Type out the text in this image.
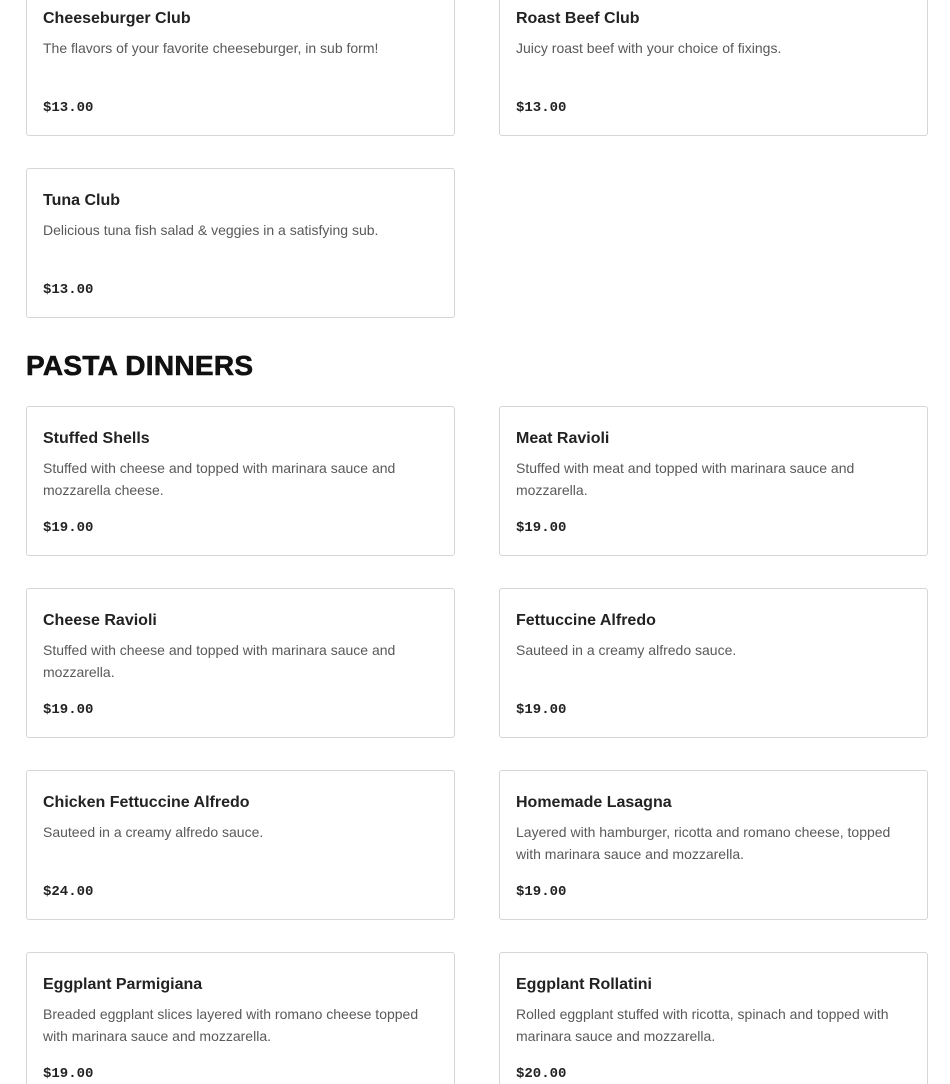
Cheeseburger Club
The flavors of your favorite cheeseburger, in sub form!
$13.00
Roast Beef Club
Juicy roast beef with your choice of fixings.
$13.00
Tuna Club
Delicious tuna fish salad & veggies in a satisfying sub.
$13.00
PASTA DINNERS
Stuffed Shells
Stuffed with cheese and topped with marinara sauce and mozzarella cheese.
$19.00
Meat Ravioli
Stuffed with meat and topped with marinara sauce and mozzarella.
$19.00
Cheese Ravioli
Stuffed with cheese and topped with marinara sauce and mozzarella.
$19.00
Fettuccine Alfredo
Sauteed in a creamy alfredo sauce.
$19.00
Chicken Fettuccine Alfredo
Sauteed in a creamy alfredo sauce.
$24.00
Homemade Lasagna
Layered with hamburger, ricotta and romano cheese, topped with marinara sauce and mozzarella.
$19.00
Eggplant Parmigiana
Breaded eggplant slices layered with romano cheese topped with marinara sauce and mozzarella.
$19.00
Eggplant Rollatini
Rolled eggplant stuffed with ricotta, spinach and topped with marinara sauce and mozzarella.
$20.00
